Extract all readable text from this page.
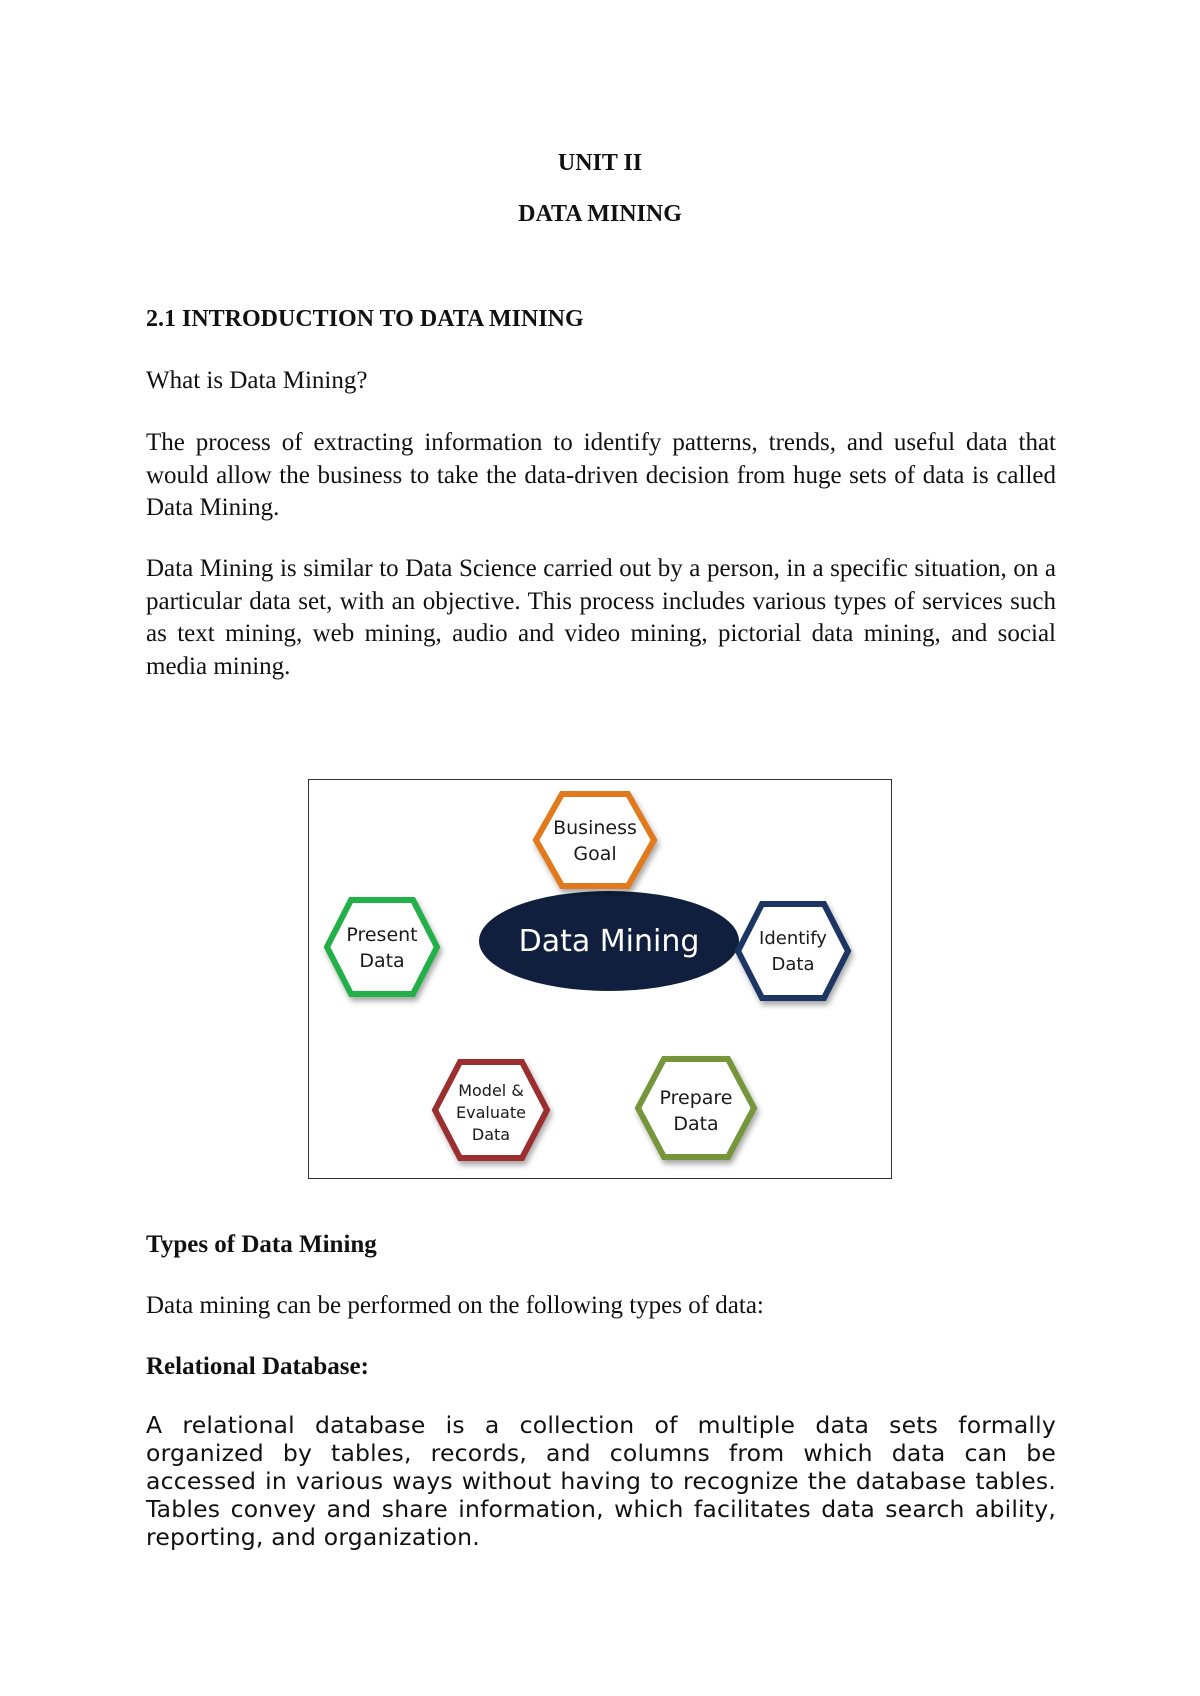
UNIT II
DATA MINING
2.1 INTRODUCTION TO DATA MINING
What is Data Mining?
The process of extracting information to identify patterns, trends, and useful data that would allow the business to take the data-driven decision from huge sets of data is called Data Mining.
Data Mining is similar to Data Science carried out by a person, in a specific situation, on a particular data set, with an objective. This process includes various types of services such as text mining, web mining, audio and video mining, pictorial data mining, and social media mining.
Data Mining
Business
Goal
Identify
Data
Prepare
Data
Model &
Evaluate
Data
Present
Data
Types of Data Mining
Data mining can be performed on the following types of data:
Relational Database:
A relational database is a collection of multiple data sets formally organized by tables, records, and columns from which data can be accessed in various ways without having to recognize the database tables. Tables convey and share information, which facilitates data search ability, reporting, and organization.
